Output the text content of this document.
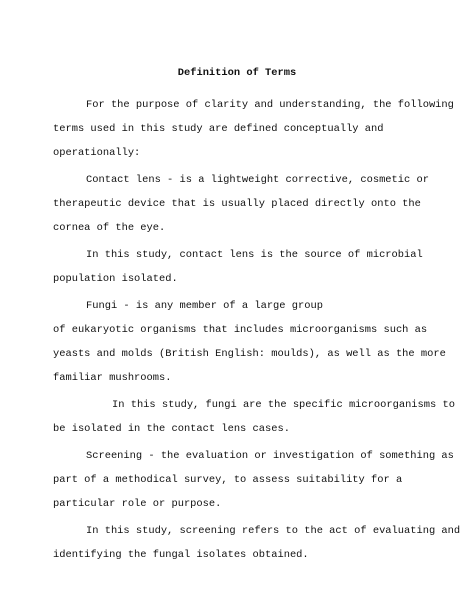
Definition of Terms
For the purpose of clarity and understanding, the following
terms used in this study are defined conceptually and
operationally:
Contact lens - is a lightweight corrective, cosmetic or
therapeutic device that is usually placed directly onto the
cornea of the eye.
In this study, contact lens is the source of microbial
population isolated.
Fungi - is any member of a large group
of eukaryotic organisms that includes microorganisms such as
yeasts and molds (British English: moulds), as well as the more
familiar mushrooms.
In this study, fungi are the specific microorganisms to
be isolated in the contact lens cases.
Screening - the evaluation or investigation of something as
part of a methodical survey, to assess suitability for a
particular role or purpose.
In this study, screening refers to the act of evaluating and
identifying the fungal isolates obtained.
